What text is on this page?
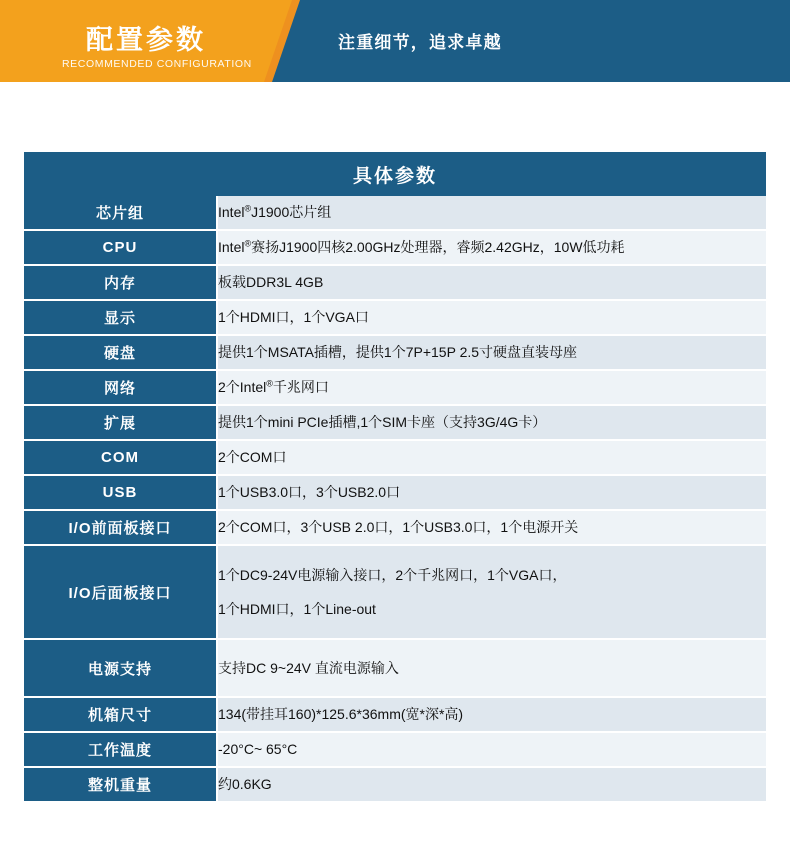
配置参数
RECOMMENDED CONFIGURATION
注重细节，追求卓越
具体参数
芯片组	Intel®J1900芯片组

CPU	Intel®赛扬J1900四核2.00GHz处理器，睿频2.42GHz，10W低功耗

内存	板载DDR3L 4GB

显示	1个HDMI口，1个VGA口

硬盘	提供1个MSATA插槽，提供1个7P+15P 2.5寸硬盘直装母座

网络	2个Intel®千兆网口

扩展	提供1个mini PCIe插槽,1个SIM卡座（支持3G/4G卡）

COM	2个COM口

USB	1个USB3.0口，3个USB2.0口

I/O前面板接口	2个COM口，3个USB 2.0口，1个USB3.0口，1个电源开关

I/O后面板接口	1个DC9-24V电源输入接口，2个千兆网口，1个VGA口，
1个HDMI口，1个Line-out

电源支持	支持DC 9~24V 直流电源输入

机箱尺寸	134(带挂耳160)*125.6*36mm(宽*深*高)

工作温度	-20°C~ 65°C

整机重量	约0.6KG
